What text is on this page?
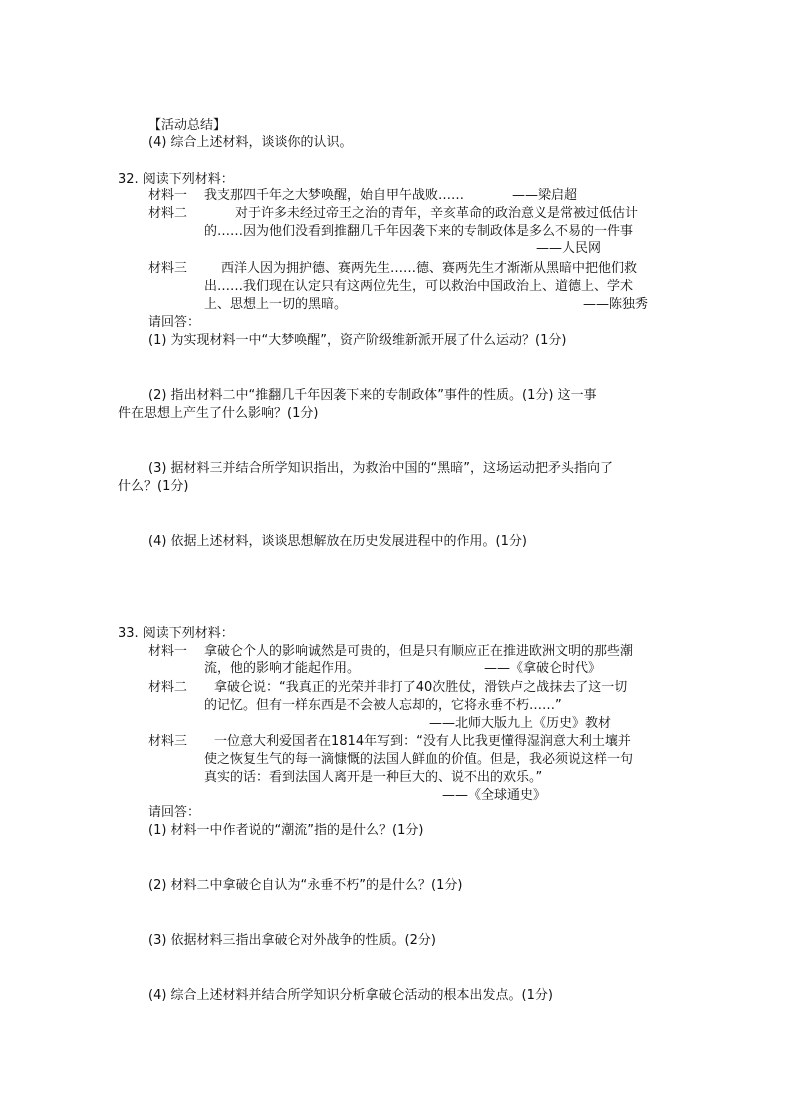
【活动总结】
(4) 综合上述材料，谈谈你的认识。
32. 阅读下列材料：
材料一 我支那四千年之大梦唤醒，始自甲午战败……	——梁启超
材料二	对于许多未经过帝王之治的青年，辛亥革命的政治意义是常被过低估计
的……因为他们没看到推翻几千年因袭下来的专制政体是多么不易的一件事
——人民网
材料三	西洋人因为拥护德、赛两先生……德、赛两先生才渐渐从黑暗中把他们救
出……我们现在认定只有这两位先生，可以救治中国政治上、道德上、学术
上、思想上一切的黑暗。	——陈独秀
请回答：
(1) 为实现材料一中“大梦唤醒”，资产阶级维新派开展了什么运动？(1分)
(2) 指出材料二中“推翻几千年因袭下来的专制政体”事件的性质。(1分) 这一事
件在思想上产生了什么影响？(1分)
(3) 据材料三并结合所学知识指出，为救治中国的“黑暗”，这场运动把矛头指向了
什么？(1分)
(4) 依据上述材料，谈谈思想解放在历史发展进程中的作用。(1分)
33. 阅读下列材料：
材料一 拿破仑个人的影响诚然是可贵的，但是只有顺应正在推进欧洲文明的那些潮
流，他的影响才能起作用。	——《拿破仑时代》
材料二 拿破仑说：“我真正的光荣并非打了40次胜仗，滑铁卢之战抹去了这一切
的记忆。但有一样东西是不会被人忘却的，它将永垂不朽……”
——北师大版九上《历史》教材
材料三 一位意大利爱国者在1814年写到：“没有人比我更懂得湿润意大利土壤并
使之恢复生气的每一滴慷慨的法国人鲜血的价值。但是，我必须说这样一句
真实的话：看到法国人离开是一种巨大的、说不出的欢乐。”
——《全球通史》
请回答：
(1) 材料一中作者说的“潮流”指的是什么？(1分)
(2) 材料二中拿破仑自认为“永垂不朽”的是什么？(1分)
(3) 依据材料三指出拿破仑对外战争的性质。(2分)
(4) 综合上述材料并结合所学知识分析拿破仑活动的根本出发点。(1分)
